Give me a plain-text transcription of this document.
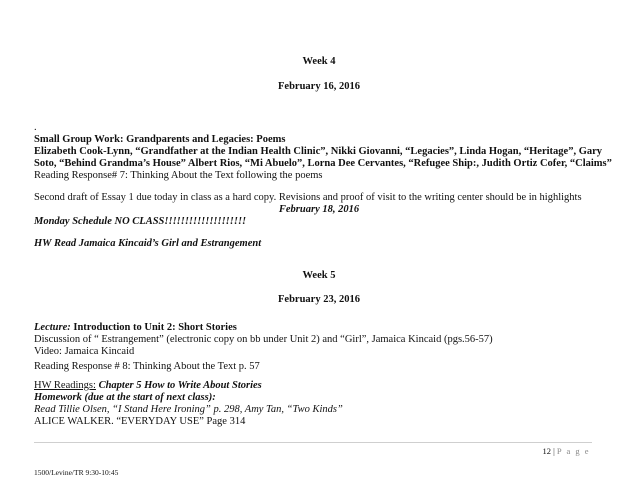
Week 4
February 16, 2016
.
Small Group Work: Grandparents and Legacies: Poems
Elizabeth Cook-Lynn, “Grandfather at the Indian Health Clinic”, Nikki Giovanni, “Legacies”, Linda Hogan, “Heritage”, Gary
Soto, “Behind Grandma’s House” Albert Rios, “Mi Abuelo”, Lorna Dee Cervantes, “Refugee Ship:, Judith Ortiz Cofer, “Claims”
Reading Response# 7: Thinking About the Text following the poems
Second draft of Essay 1 due today in class as a hard copy. Revisions and proof of visit to the writing center should be in highlights
February 18, 2016
Monday Schedule NO CLASS!!!!!!!!!!!!!!!!!!!!
HW Read Jamaica Kincaid’s Girl and Estrangement
Week 5
February 23, 2016
Lecture: Introduction to Unit 2: Short Stories
Discussion of “ Estrangement” (electronic copy on bb under Unit 2) and “Girl”, Jamaica Kincaid (pgs.56-57)
Video: Jamaica Kincaid
Reading Response # 8: Thinking About the Text p. 57
HW Readings: Chapter 5 How to Write About Stories
Homework (due at the start of next class):
Read Tillie Olsen, “I Stand Here Ironing” p. 298, Amy Tan, “Two Kinds”
ALICE WALKER. “EVERYDAY USE” Page 314
12 | P a g e
1500/Levine/TR 9:30-10:45
